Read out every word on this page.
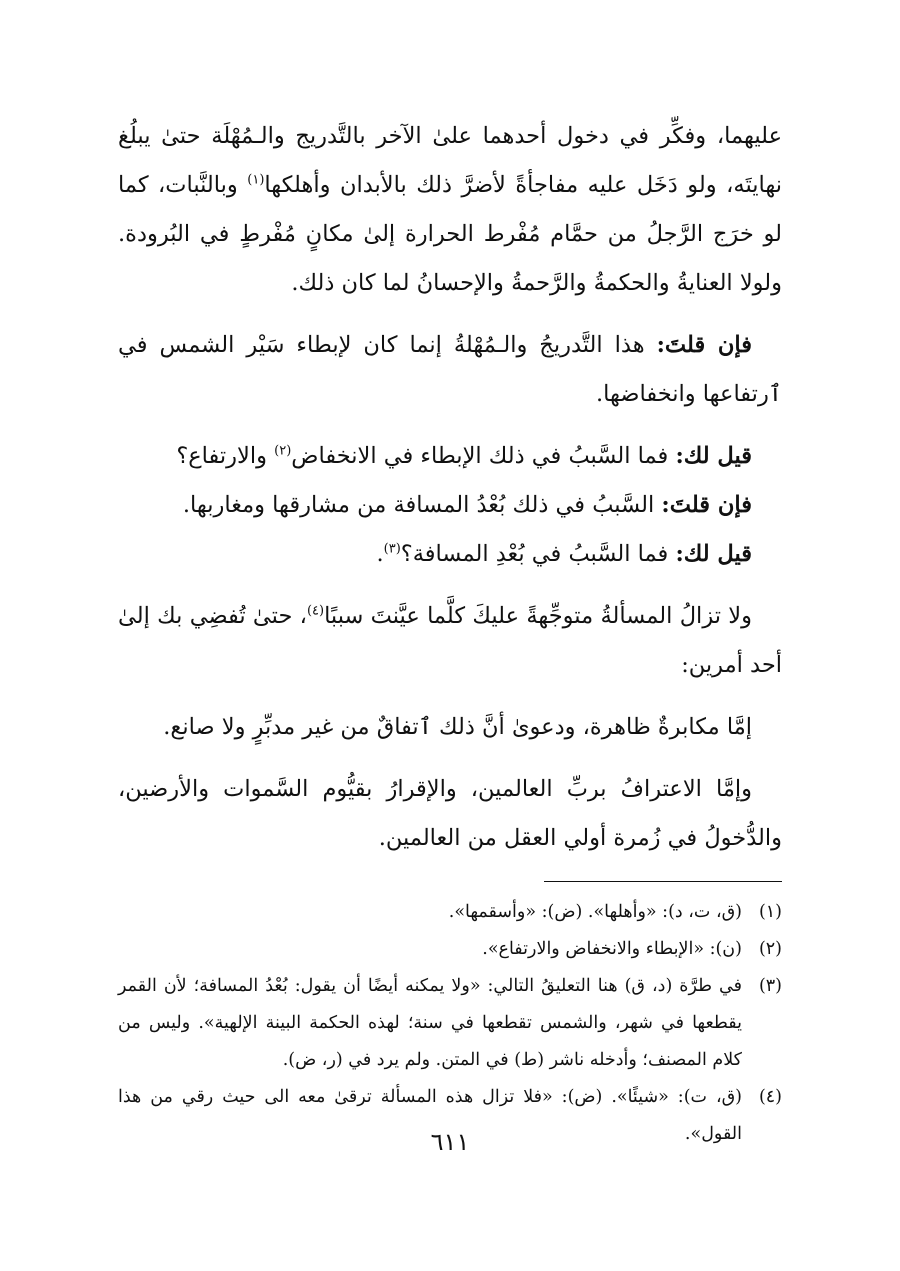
عليهما، وفكِّر في دخول أحدهما علىٰ الآخر بالتَّدريج والـمُهْلَة حتىٰ يبلُغ نهايتَه، ولو دَخَل عليه مفاجأةً لأضرَّ ذلك بالأبدان وأهلكها$^{(١)}$ وبالنَّبات، كما لو خرَج الرَّجلُ من حمَّام مُفْرط الحرارة إلىٰ مكانٍ مُفْرطٍ في البُرودة. ولولا العنايةُ والحكمةُ والرَّحمةُ والإحسانُ لما كان ذلك.

فإن قلتَ: هذا التَّدريجُ والـمُهْلةُ إنما كان لإبطاء سَيْر الشمس في ٱرتفاعها وانخفاضها.

قيل لك: فما السَّببُ في ذلك الإبطاء في الانخفاض$^{(٢)}$ والارتفاع؟

فإن قلتَ: السَّببُ في ذلك بُعْدُ المسافة من مشارقها ومغاربها.

قيل لك: فما السَّببُ في بُعْدِ المسافة؟$^{(٣)}$.

ولا تزالُ المسألةُ متوجِّهةً عليكَ كلَّما عيَّنتَ سببًا$^{(٤)}$، حتىٰ تُفضِي بك إلىٰ أحد أمرين:

إمَّا مكابرةٌ ظاهرة، ودعوىٰ أنَّ ذلك ٱتفاقٌ من غير مدبِّرٍ ولا صانع.

وإمَّا الاعترافُ بربِّ العالمين، والإقرارُ بقيُّوم السَّموات والأرضين، والدُّخولُ في زُمرة أولي العقل من العالمين.

(١)
(ق، ت، د): «وأهلها». (ض): «وأسقمها».
(٢)
(ن): «الإبطاء والانخفاض والارتفاع».
(٣)
في طرَّة (د، ق) هنا التعليقُ التالي: «ولا يمكنه أيضًا أن يقول: بُعْدُ المسافة؛ لأن القمر يقطعها في شهر، والشمس تقطعها في سنة؛ لهذه الحكمة البينة الإلهية». وليس من كلام المصنف؛ وأدخله ناشر (ط) في المتن. ولم يرد في (ر، ض).
(٤)
(ق، ت): «شيئًا». (ض): «فلا تزال هذه المسألة ترقىٰ معه الى حيث رقي من هذا القول».
٦١١
